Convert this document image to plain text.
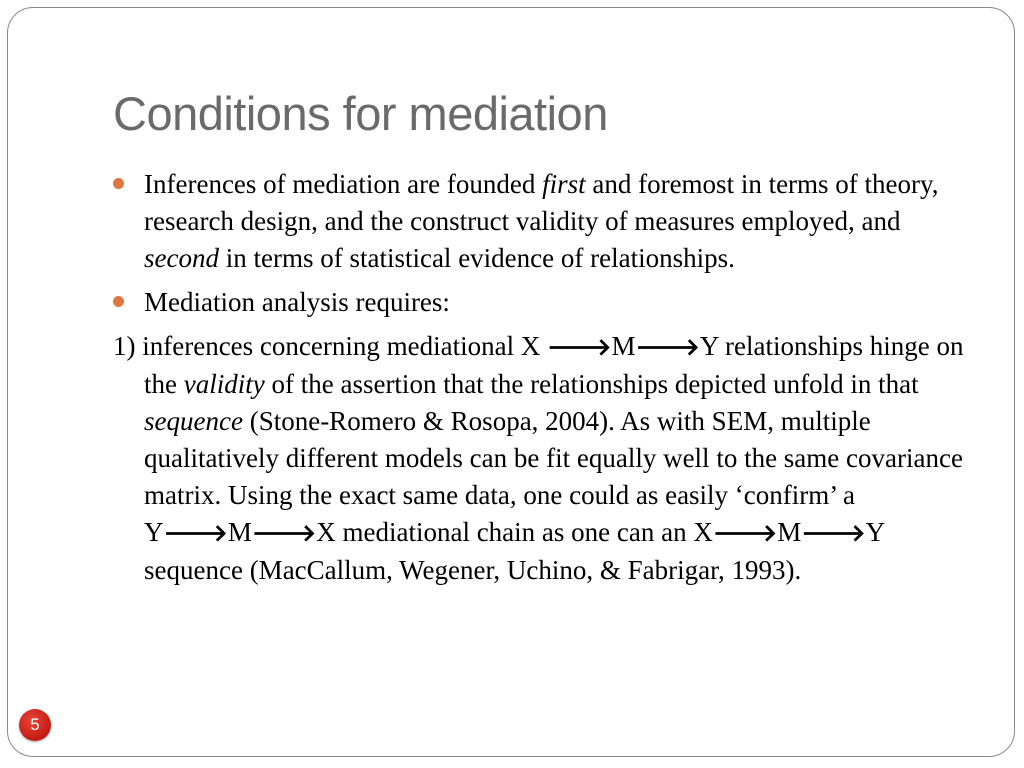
Conditions for mediation
Inferences of mediation are founded first and foremost in terms of theory, research design, and the construct validity of measures employed, and second in terms of statistical evidence of relationships.
Mediation analysis requires:
1) inferences concerning mediational X 🡒M🡒Y relationships hinge on the validity of the assertion that the relationships depicted unfold in that sequence (Stone-Romero & Rosopa, 2004). As with SEM, multiple qualitatively different models can be fit equally well to the same covariance matrix. Using the exact same data, one could as easily ‘confirm’ a Y🡒M🡒X mediational chain as one can an X🡒M🡒Y sequence (MacCallum, Wegener, Uchino, & Fabrigar, 1993).
5
